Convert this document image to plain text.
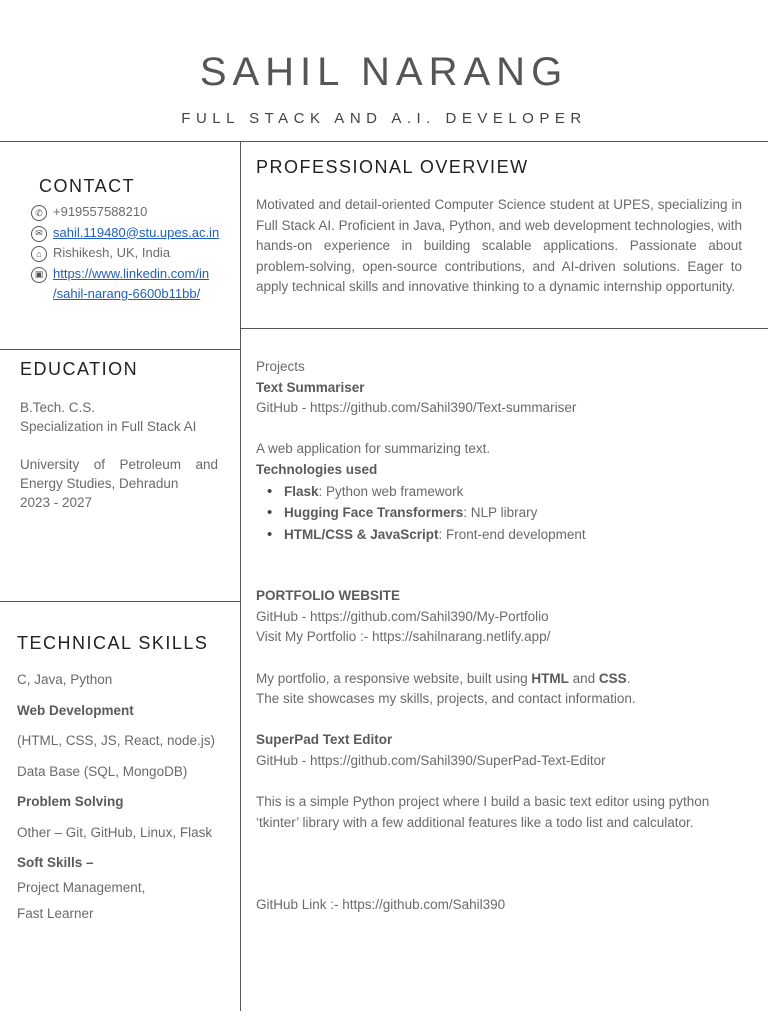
SAHIL NARANG
FULL STACK AND A.I. DEVELOPER
CONTACT
✆ +919557588210
✉ sahil.119480@stu.upes.ac.in
⌂ Rishikesh, UK, India
▣ https://www.linkedin.com/in
/sahil-narang-6600b11bb/
EDUCATION
B.Tech. C.S.
Specialization in Full Stack AI
University of Petroleum and Energy Studies, Dehradun
2023 - 2027
TECHNICAL SKILLS
C, Java, Python
Web Development
(HTML, CSS, JS, React, node.js)
Data Base (SQL, MongoDB)
Problem Solving
Other – Git, GitHub, Linux, Flask
Soft Skills –
Project Management,
Fast Learner
PROFESSIONAL OVERVIEW
Motivated and detail-oriented Computer Science student at UPES, specializing in Full Stack AI. Proficient in Java, Python, and web development technologies, with hands-on experience in building scalable applications. Passionate about problem-solving, open-source contributions, and AI-driven solutions. Eager to apply technical skills and innovative thinking to a dynamic internship opportunity.
Projects
Text Summariser
GitHub - https://github.com/Sahil390/Text-summariser
A web application for summarizing text.
Technologies used
• Flask: Python web framework
• Hugging Face Transformers: NLP library
• HTML/CSS & JavaScript: Front-end development
PORTFOLIO WEBSITE
GitHub - https://github.com/Sahil390/My-Portfolio
Visit My Portfolio :- https://sahilnarang.netlify.app/
My portfolio, a responsive website, built using HTML and CSS.
The site showcases my skills, projects, and contact information.
SuperPad Text Editor
GitHub - https://github.com/Sahil390/SuperPad-Text-Editor
This is a simple Python project where I build a basic text editor using python
‘tkinter’ library with a few additional features like a todo list and calculator.
GitHub Link :- https://github.com/Sahil390
